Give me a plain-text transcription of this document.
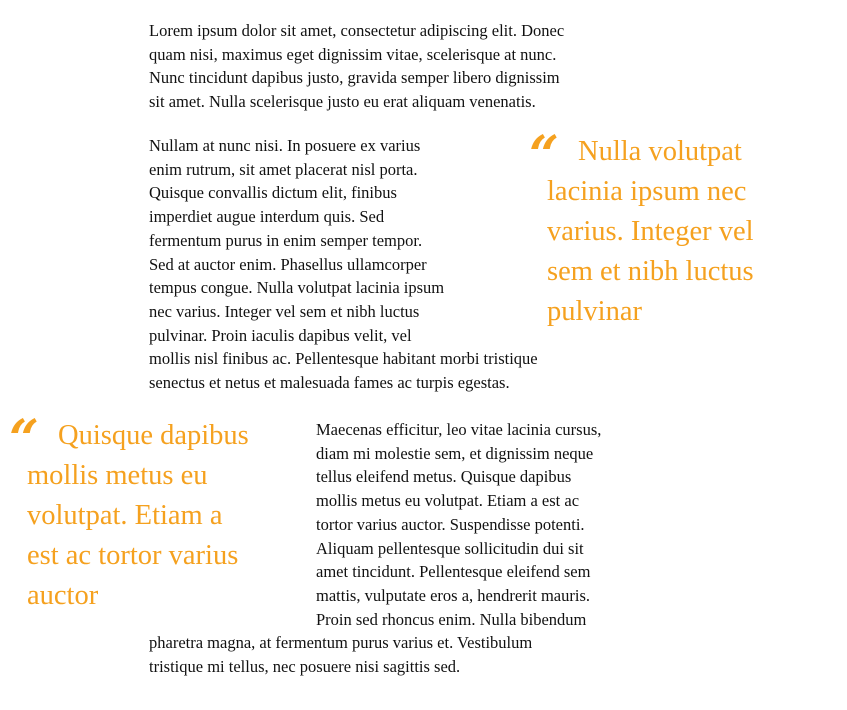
Lorem ipsum dolor sit amet, consectetur adipiscing elit. Donec
quam nisi, maximus eget dignissim vitae, scelerisque at nunc.
Nunc tincidunt dapibus justo, gravida semper libero dignissim
sit amet. Nulla scelerisque justo eu erat aliquam venenatis.

Nullam at nunc nisi. In posuere ex varius
enim rutrum, sit amet placerat nisl porta.
Quisque convallis dictum elit, finibus
imperdiet augue interdum quis. Sed
fermentum purus in enim semper tempor.
Sed at auctor enim. Phasellus ullamcorper
tempus congue. Nulla volutpat lacinia ipsum
nec varius. Integer vel sem et nibh luctus
pulvinar. Proin iaculis dapibus velit, vel
mollis nisl finibus ac. Pellentesque habitant morbi tristique
senectus et netus et malesuada fames ac turpis egestas.

“ Nulla volutpat
lacinia ipsum nec
varius. Integer vel
sem et nibh luctus
pulvinar
“ Quisque dapibus
mollis metus eu
volutpat. Etiam a
est ac tortor varius
auctor

Maecenas efficitur, leo vitae lacinia cursus,
diam mi molestie sem, et dignissim neque
tellus eleifend metus. Quisque dapibus
mollis metus eu volutpat. Etiam a est ac
tortor varius auctor. Suspendisse potenti.
Aliquam pellentesque sollicitudin dui sit
amet tincidunt. Pellentesque eleifend sem
mattis, vulputate eros a, hendrerit mauris.
Proin sed rhoncus enim. Nulla bibendum
pharetra magna, at fermentum purus varius et. Vestibulum
tristique mi tellus, nec posuere nisi sagittis sed.
